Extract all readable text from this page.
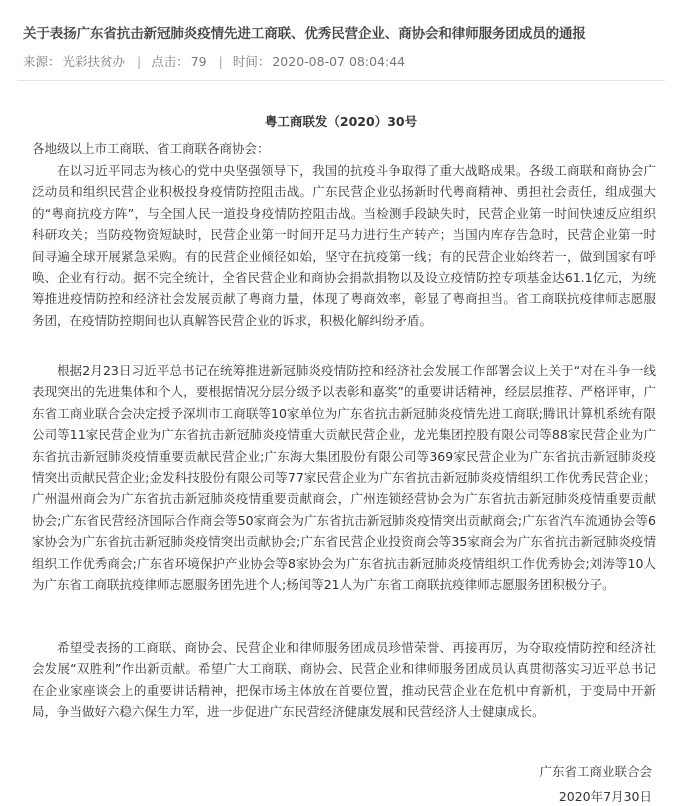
关于表扬广东省抗击新冠肺炎疫情先进工商联、优秀民营企业、商协会和律师服务团成员的通报
来源： 光彩扶贫办 | 点击： 79 | 时间： 2020-08-07 08:04:44
粤工商联发（2020）30号
各地级以上市工商联、省工商联各商协会：

在以习近平同志为核心的党中央坚强领导下，我国的抗疫斗争取得了重大战略成果。各级工商联和商协会广泛动员和组织民营企业积极投身疫情防控阻击战。广东民营企业弘扬新时代粤商精神、勇担社会责任，组成强大的“粤商抗疫方阵”，与全国人民一道投身疫情防控阻击战。当检测手段缺失时，民营企业第一时间快速反应组织科研攻关；当防疫物资短缺时，民营企业第一时间开足马力进行生产转产；当国内库存告急时，民营企业第一时间寻遍全球开展紧急采购。有的民营企业倾径如始，坚守在抗疫第一线；有的民营企业始终若一，做到国家有呼唤、企业有行动。据不完全统计，全省民营企业和商协会捐款捐物以及设立疫情防控专项基金达61.1亿元，为统筹推进疫情防控和经济社会发展贡献了粤商力量，体现了粤商效率，彰显了粤商担当。省工商联抗疫律师志愿服务团，在疫情防控期间也认真解答民营企业的诉求，积极化解纠纷矛盾。

根据2月23日习近平总书记在统筹推进新冠肺炎疫情防控和经济社会发展工作部署会议上关于“对在斗争一线表现突出的先进集体和个人，要根据情况分层分级予以表彰和嘉奖”的重要讲话精神，经层层推荐、严格评审，广东省工商业联合会决定授予深圳市工商联等10家单位为广东省抗击新冠肺炎疫情先进工商联;腾讯计算机系统有限公司等11家民营企业为广东省抗击新冠肺炎疫情重大贡献民营企业，龙光集团控股有限公司等88家民营企业为广东省抗击新冠肺炎疫情重要贡献民营企业;广东海大集团股份有限公司等369家民营企业为广东省抗击新冠肺炎疫情突出贡献民营企业;金发科技股份有限公司等77家民营企业为广东省抗击新冠肺炎疫情组织工作优秀民营企业；广州温州商会为广东省抗击新冠肺炎疫情重要贡献商会，广州连锁经营协会为广东省抗击新冠肺炎疫情重要贡献协会;广东省民营经济国际合作商会等50家商会为广东省抗击新冠肺炎疫情突出贡献商会;广东省汽车流通协会等6家协会为广东省抗击新冠肺炎疫情突出贡献协会;广东省民营企业投资商会等35家商会为广东省抗击新冠肺炎疫情组织工作优秀商会;广东省环境保护产业协会等8家协会为广东省抗击新冠肺炎疫情组织工作优秀协会;刘涛等10人为广东省工商联抗疫律师志愿服务团先进个人;杨闰等21人为广东省工商联抗疫律师志愿服务团积极分子。

希望受表扬的工商联、商协会、民营企业和律师服务团成员珍惜荣誉、再接再厉，为夺取疫情防控和经济社会发展“双胜利”作出新贡献。希望广大工商联、商协会、民营企业和律师服务团成员认真贯彻落实习近平总书记在企业家座谈会上的重要讲话精神，把保市场主体放在首要位置，推动民营企业在危机中育新机，于变局中开新局，争当做好六稳六保生力军，进一步促进广东民营经济健康发展和民营经济人士健康成长。

广东省工商业联合会
2020年7月30日
